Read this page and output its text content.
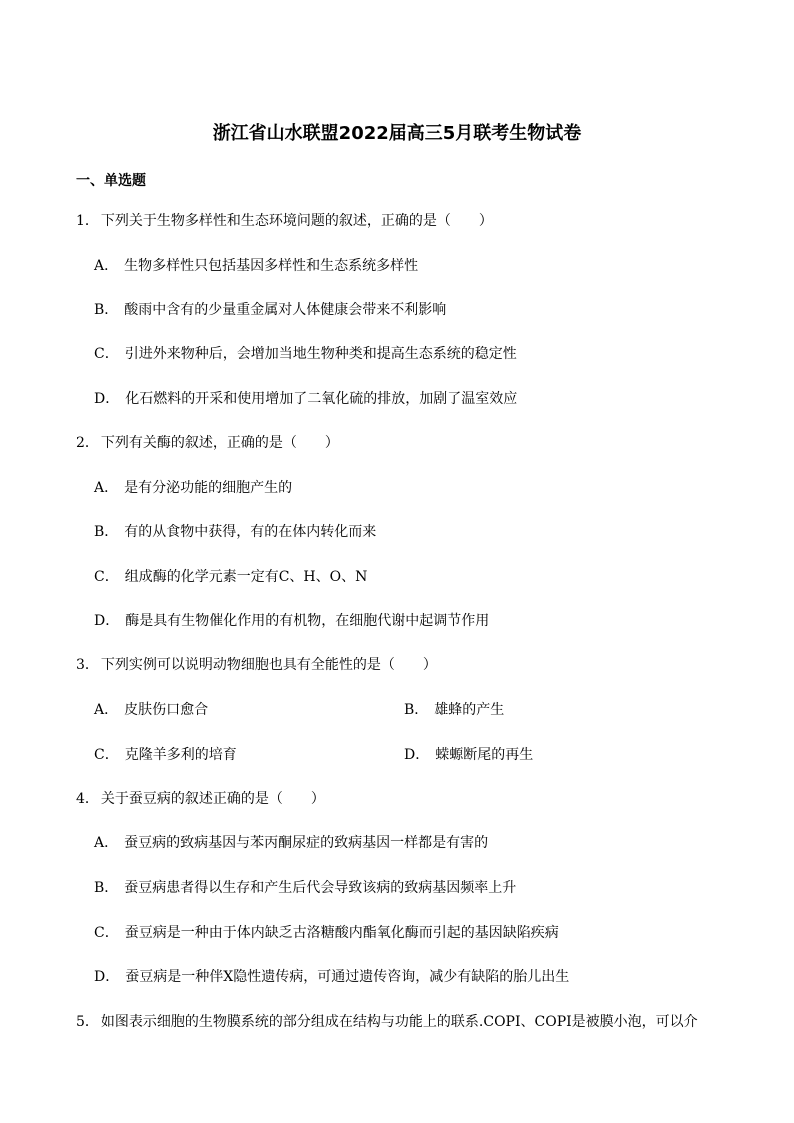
浙江省山水联盟2022届高三5月联考生物试卷
一、单选题
1． 下列关于生物多样性和生态环境问题的叙述，正确的是（　　）
A． 生物多样性只包括基因多样性和生态系统多样性
B． 酸雨中含有的少量重金属对人体健康会带来不利影响
C． 引进外来物种后，会增加当地生物种类和提高生态系统的稳定性
D． 化石燃料的开采和使用增加了二氧化硫的排放，加剧了温室效应
2． 下列有关酶的叙述，正确的是（　　）
A． 是有分泌功能的细胞产生的
B． 有的从食物中获得，有的在体内转化而来
C． 组成酶的化学元素一定有C、H、O、N
D． 酶是具有生物催化作用的有机物，在细胞代谢中起调节作用
3． 下列实例可以说明动物细胞也具有全能性的是（　　）
A． 皮肤伤口愈合	B． 雄蜂的产生
C． 克隆羊多利的培育	D． 蝾螈断尾的再生
4． 关于蚕豆病的叙述正确的是（　　）
A． 蚕豆病的致病基因与苯丙酮尿症的致病基因一样都是有害的
B． 蚕豆病患者得以生存和产生后代会导致该病的致病基因频率上升
C． 蚕豆病是一种由于体内缺乏古洛糖酸内酯氧化酶而引起的基因缺陷疾病
D． 蚕豆病是一种伴X隐性遗传病，可通过遗传咨询，减少有缺陷的胎儿出生
5． 如图表示细胞的生物膜系统的部分组成在结构与功能上的联系.COPI、COPI是被膜小泡，可以介
